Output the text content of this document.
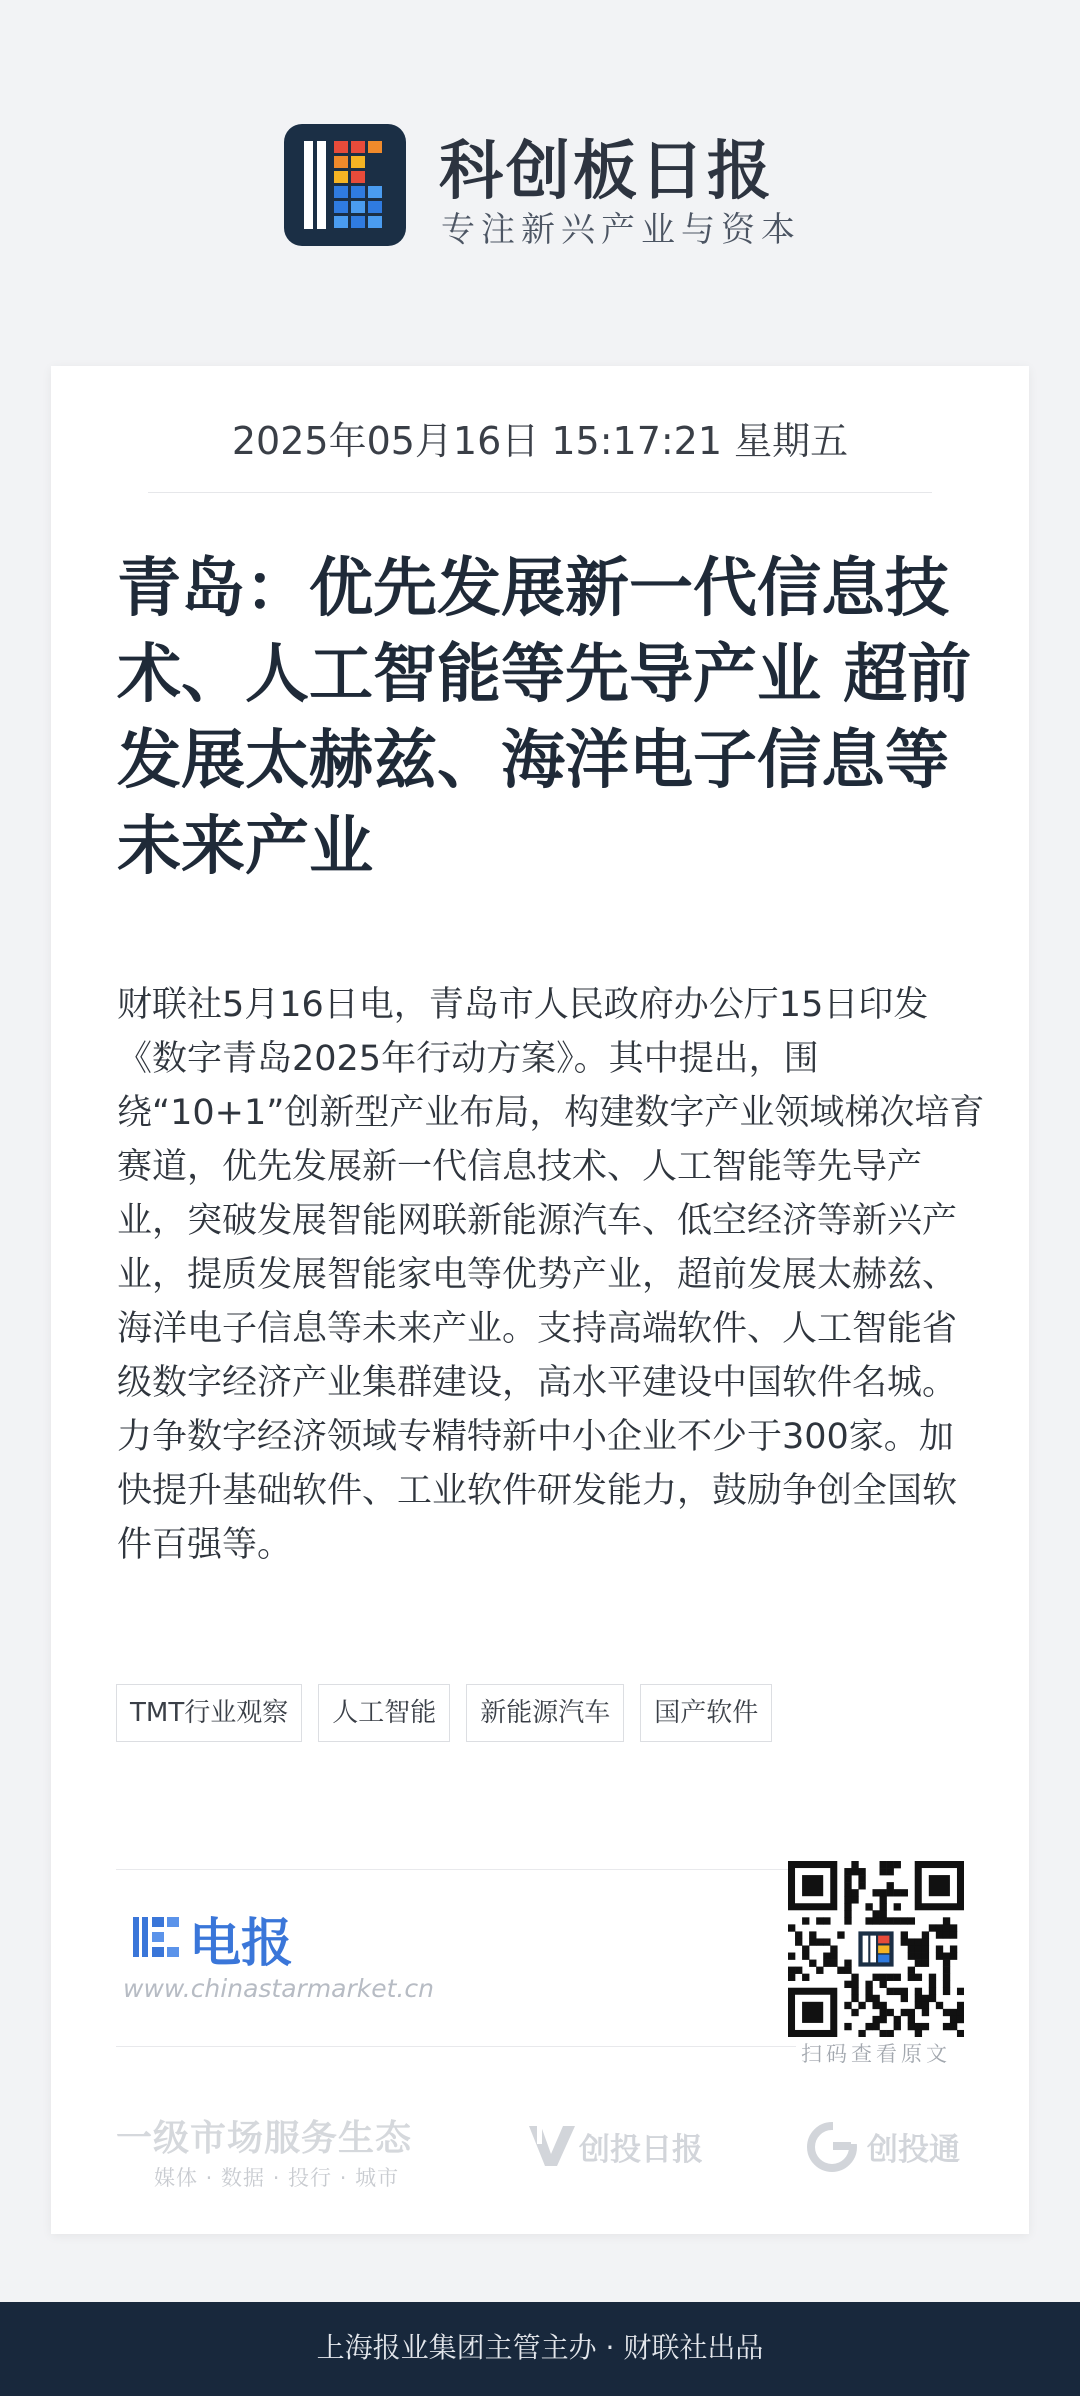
科创板日报
专注新兴产业与资本
2025年05月16日 15:17:21 星期五
青岛：优先发展新一代信息技术、人工智能等先导产业 超前发展太赫兹、海洋电子信息等未来产业

财联社5月16日电，青岛市人民政府办公厅15日印发《数字青岛2025年行动方案》。其中提出，围绕“10+1”创新型产业布局，构建数字产业领域梯次培育赛道，优先发展新一代信息技术、人工智能等先导产业，突破发展智能网联新能源汽车、低空经济等新兴产业，提质发展智能家电等优势产业，超前发展太赫兹、海洋电子信息等未来产业。支持高端软件、人工智能省级数字经济产业集群建设，高水平建设中国软件名城。力争数字经济领域专精特新中小企业不少于300家。加快提升基础软件、工业软件研发能力，鼓励争创全国软件百强等。

TMT行业观察	人工智能	新能源汽车	国产软件
电报
www.chinastarmarket.cn
扫码查看原文
一级市场服务生态
媒体 · 数据 · 投行 · 城市
创投日报	创投通
上海报业集团主管主办 · 财联社出品
